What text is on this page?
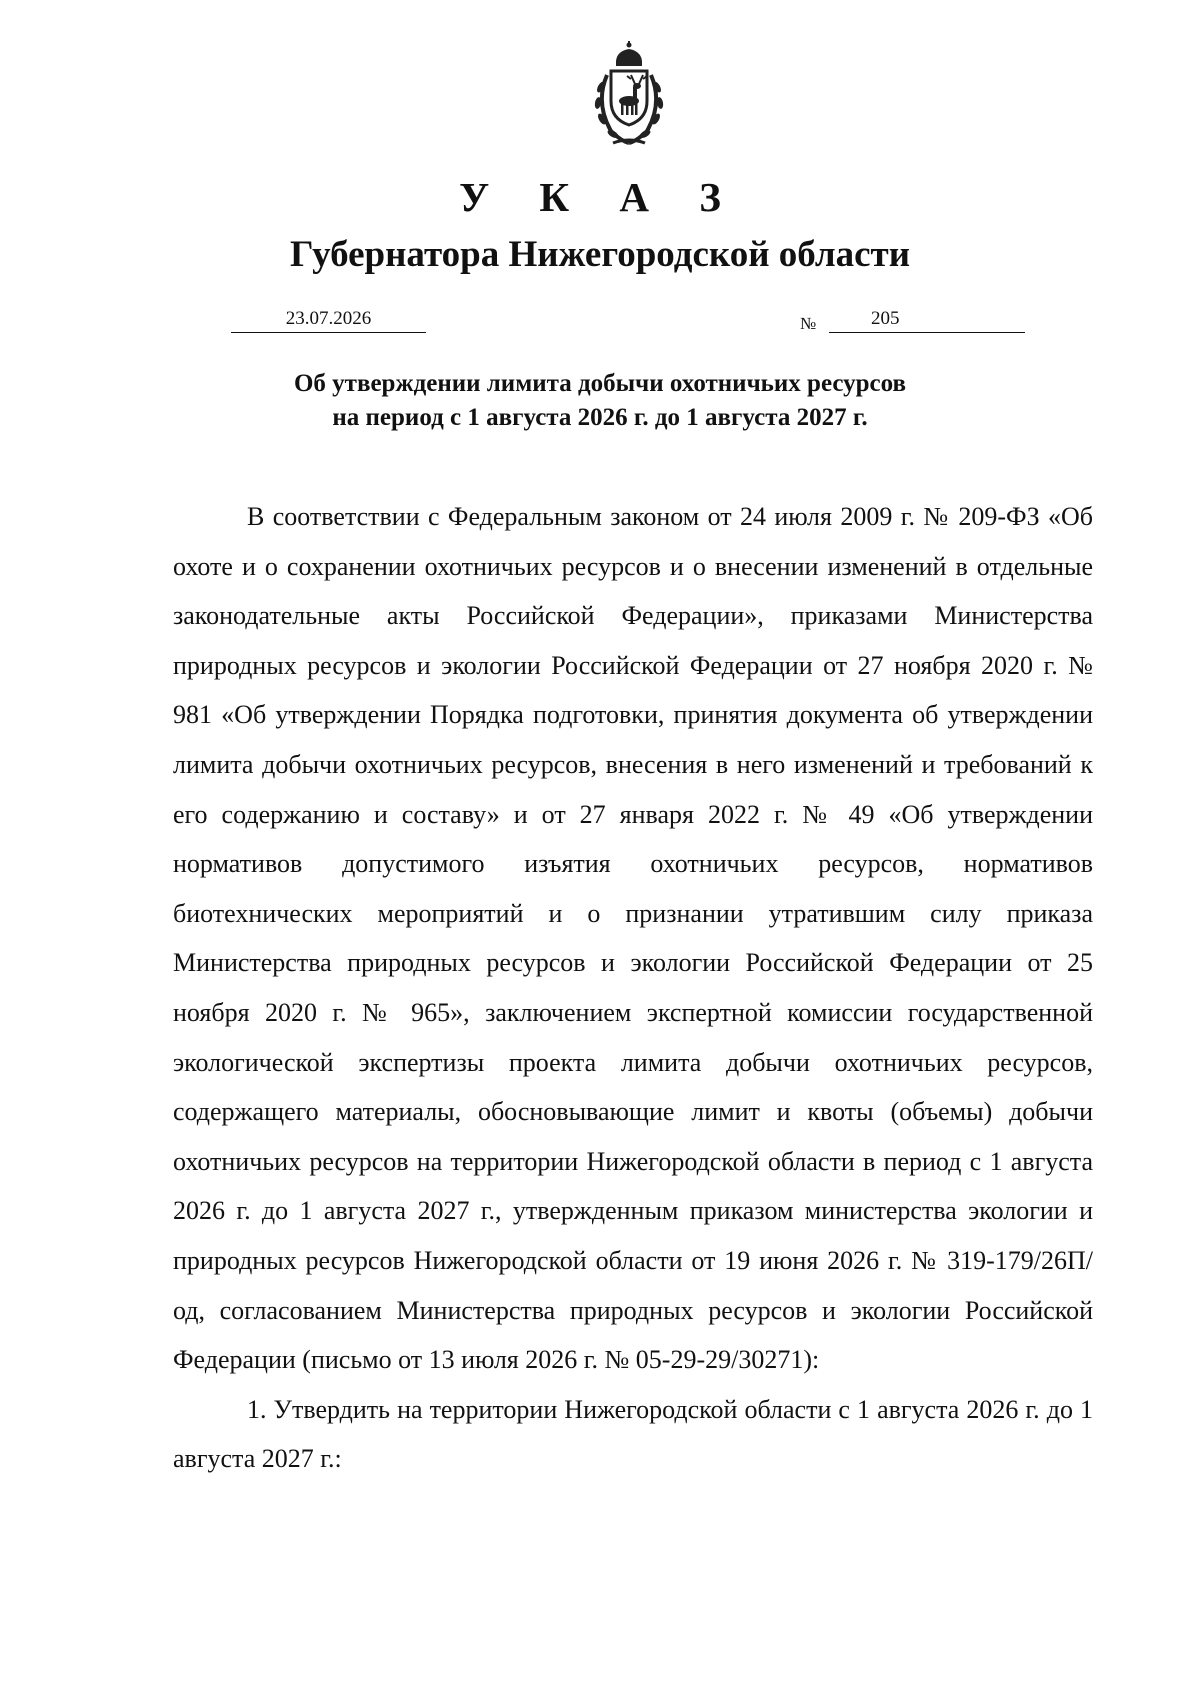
У К А З
Губернатора Нижегородской области
23.07.2026	№	205
Об утверждении лимита добычи охотничьих ресурсов
на период с 1 августа 2026 г. до 1 августа 2027 г.

В соответствии с Федеральным законом от 24 июля 2009 г. № 209-ФЗ «Об охоте и о сохранении охотничьих ресурсов и о внесении изменений в отдельные законодательные акты Российской Федерации», приказами Министерства природных ресурсов и экологии Российской Федерации от 27 ноября 2020 г. № 981 «Об утверждении Порядка подготовки, принятия документа об утверждении лимита добычи охотничьих ресурсов, внесения в него изменений и требований к его содержанию и составу» и от 27 января 2022 г. № 49 «Об утверждении нормативов допустимого изъятия охотничьих ресурсов, нормативов биотехнических мероприятий и о признании утратившим силу приказа Министерства природных ресурсов и экологии Российской Федерации от 25 ноября 2020 г. № 965», заключением экспертной комиссии государственной экологической экспертизы проекта лимита добычи охотничьих ресурсов, содержащего материалы, обосновывающие лимит и квоты (объемы) добычи охотничьих ресурсов на территории Нижегородской области в период с 1 августа 2026 г. до 1 августа 2027 г., утвержденным приказом министерства экологии и природных ресурсов Нижегородской области от 19 июня 2026 г. № 319-179/26П/од, согласованием Министерства природных ресурсов и экологии Российской Федерации (письмо от 13 июля 2026 г. № 05-29-29/30271):

1. Утвердить на территории Нижегородской области с 1 августа 2026 г. до 1 августа 2027 г.:
